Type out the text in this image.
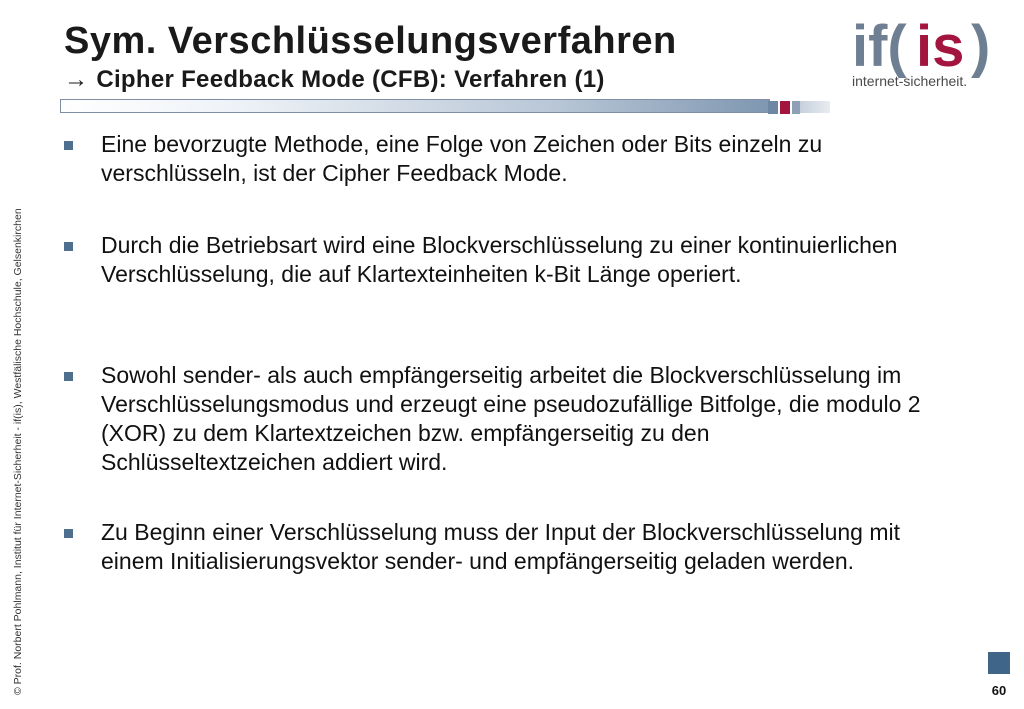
Sym. Verschlüsselungsverfahren
→ Cipher Feedback Mode (CFB): Verfahren (1)
if( is )
internet-sicherheit.
© Prof. Norbert Pohlmann, Institut für Internet-Sicherheit - if(is), Westfälische Hochschule, Gelsenkirchen
Eine bevorzugte Methode, eine Folge von Zeichen oder Bits einzeln zu verschlüsseln, ist der Cipher Feedback Mode.
Durch die Betriebsart wird eine Blockverschlüsselung zu einer kontinuierlichen Verschlüsselung, die auf Klartexteinheiten k-Bit Länge operiert.
Sowohl sender- als auch empfängerseitig arbeitet die Blockverschlüsselung im Verschlüsselungsmodus und erzeugt eine pseudozufällige Bitfolge, die modulo 2 (XOR) zu dem Klartextzeichen bzw. empfängerseitig zu den Schlüsseltextzeichen addiert wird.
Zu Beginn einer Verschlüsselung muss der Input der Blockverschlüsselung mit einem Initialisierungsvektor sender- und empfängerseitig geladen werden.
60
